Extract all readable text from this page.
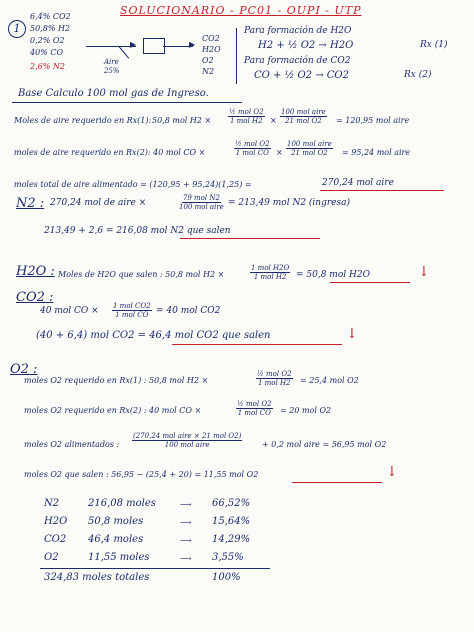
SOLUCIONARIO - PC01 - OUPI - UTP
1
6,4% CO2
50,8% H2
0,2% O2
40% CO
2,6% N2
▶	▶
Aire
25%
CO2
H2O
O2
N2
Para formación de H2O
H2 + ½ O2 → H2O	Rx (1)
Para formación de CO2
CO + ½ O2 → CO2	Rx (2)
Base Calculo 100 mol gas de Ingreso.
Moles de aire requerido en Rx(1): 50,8 mol H2 ×
½ mol O2
1 mol H2 ×
100 mol aire
21 mol O2 = 120,95 mol aire
moles de aire requerido en Rx(2): 40 mol CO ×
½ mol O2
1 mol CO ×
100 mol aire
21 mol O2 = 95,24 mol aire
moles total de aire alimentado = (120,95 + 95,24)(1,25) =	270,24 mol aire
N2 : 270,24 mol de aire ×	79 mol N2
100 mol aire = 213,49 mol N2 (ingresa)
213,49 + 2,6 = 216,08 mol N2 que salen
H2O : Moles de H2O que salen : 50,8 mol H2 ×
1 mol H2O
1 mol H2 = 50,8 mol H2O	↓
CO2 :
40 mol CO × 1 mol CO2
1 mol CO = 40 mol CO2
(40 + 6,4) mol CO2 = 46,4 mol CO2 que salen	↓
O2 :
moles O2 requerido en Rx(1) : 50,8 mol H2 ×
½ mol O2
1 mol H2 = 25,4 mol O2
moles O2 requerido en Rx(2) : 40 mol CO ×
½ mol O2
1 mol CO = 20 mol O2
moles O2 alimentados :
(270,24 mol aire × 21 mol O2)
100 mol aire	+ 0,2 mol aire = 56,95 mol O2
moles O2 que salen : 56,95 − (25,4 + 20) = 11,55 mol O2	↓
N2	216,08 moles	⟶ 66,52%
H2O 50,8 moles	⟶ 15,64%
CO2 46,4 moles	⟶ 14,29%
O2	11,55 moles	⟶ 3,55%
324,83 moles totales	100%
